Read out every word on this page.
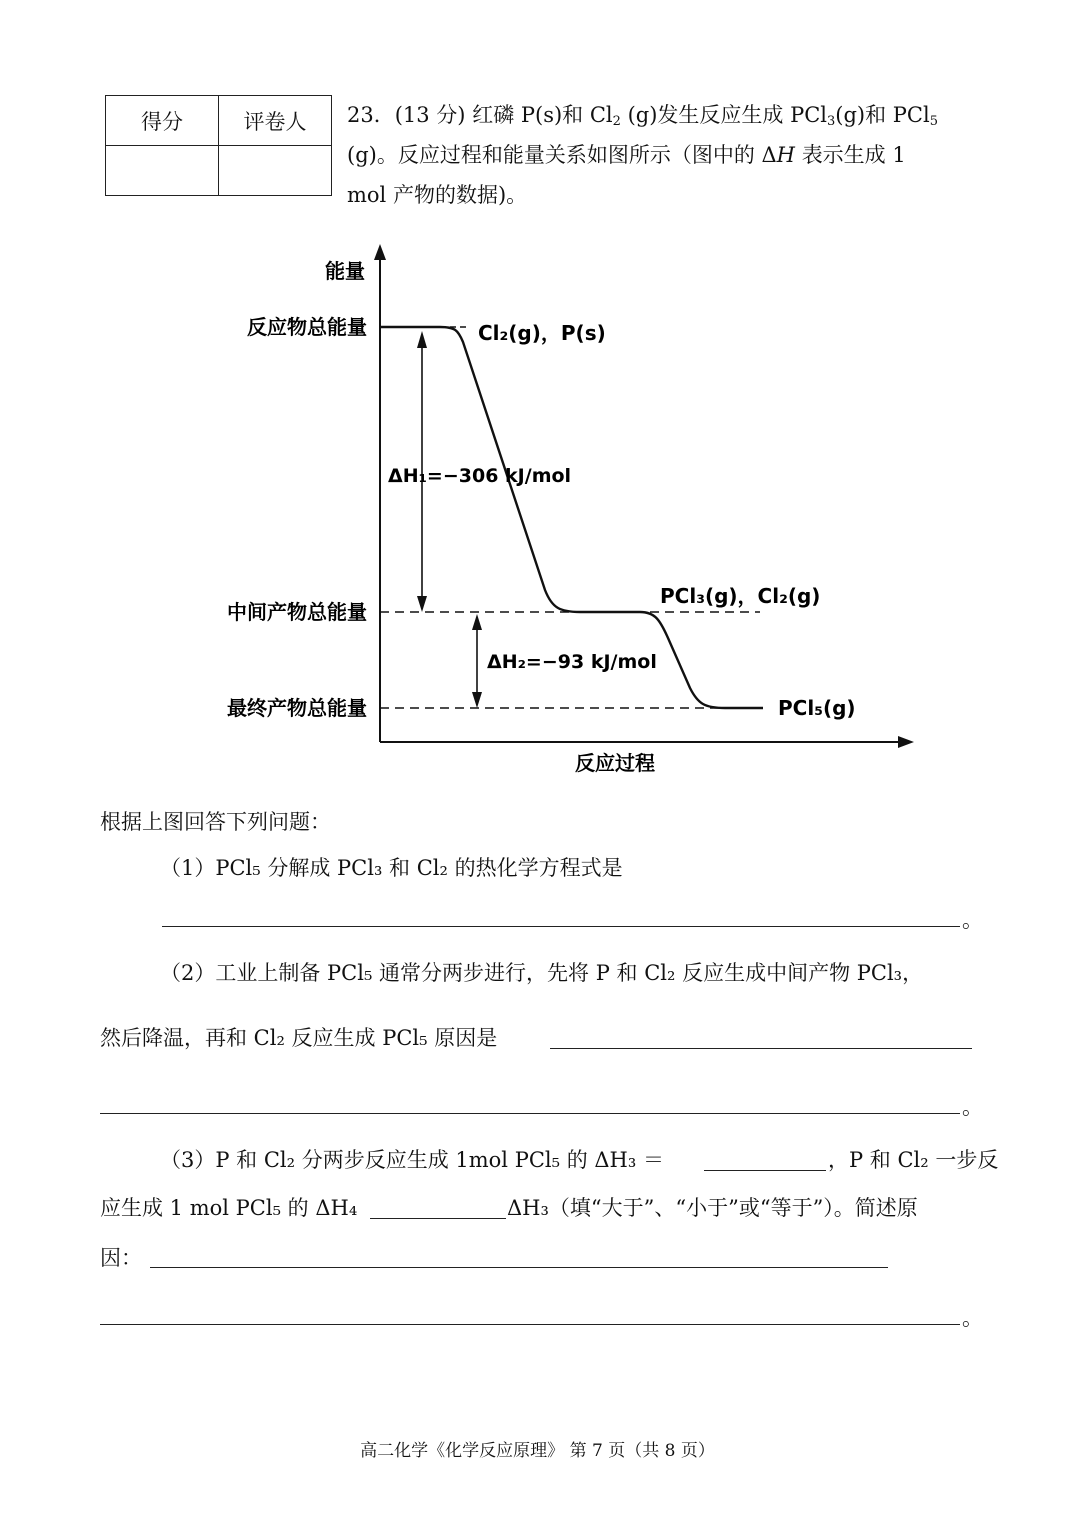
得分	评卷人
	23．(13 分) 红磷 P(s)和 $Cl_2$ (g)发生反应生成 PCl$_3$(g)和 PCl$_5$
(g)。反应过程和能量关系如图所示（图中的 ΔH 表示生成 1
mol 产物的数据)。
能量
反应物总能量
中间产物总能量
最终产物总能量
Cl₂(g)，P(s)
PCl₃(g)，Cl₂(g)
PCl₅(g)
ΔH₁=−306 kJ/mol
ΔH₂=−93 kJ/mol
反应过程
根据上图回答下列问题：
（1）PCl₅ 分解成 PCl₃ 和 Cl₂ 的热化学方程式是
。
（2）工业上制备 PCl₅ 通常分两步进行，先将 P 和 Cl₂ 反应生成中间产物 PCl₃，
然后降温，再和 Cl₂ 反应生成 PCl₅ 原因是
。
（3）P 和 Cl₂ 分两步反应生成 1mol PCl₅ 的 ΔH₃ ＝	，P 和 Cl₂ 一步反
应生成 1 mol PCl₅ 的 ΔH₄	ΔH₃（填“大于”、“小于”或“等于”）。简述原
因：
。
高二化学《化学反应原理》 第 7 页（共 8 页）
